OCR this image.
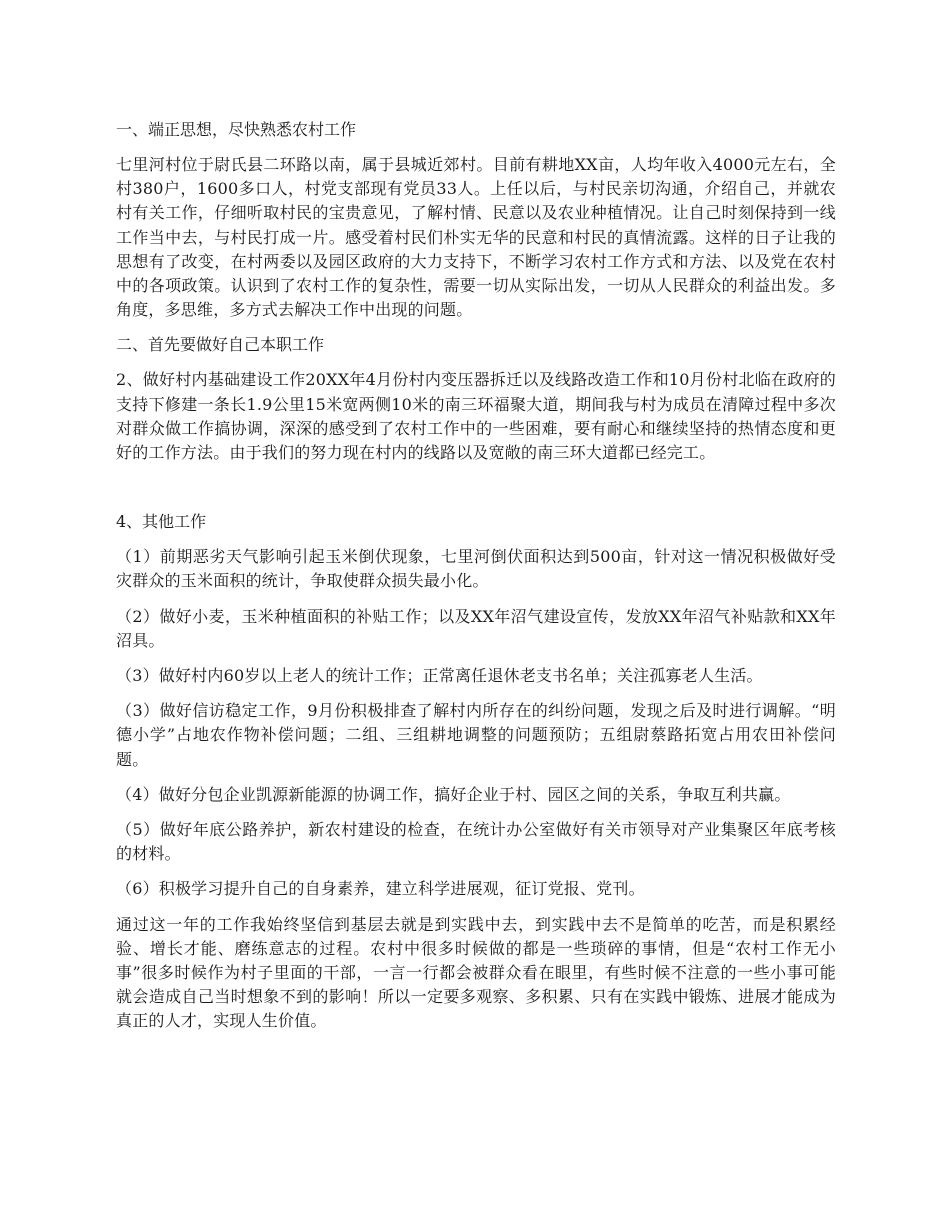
一、端正思想，尽快熟悉农村工作

七里河村位于尉氏县二环路以南，属于县城近郊村。目前有耕地XX亩，人均年收入4000元左右，全村380户，1600多口人，村党支部现有党员33人。上任以后，与村民亲切沟通，介绍自己，并就农村有关工作，仔细听取村民的宝贵意见，了解村情、民意以及农业种植情况。让自己时刻保持到一线工作当中去，与村民打成一片。感受着村民们朴实无华的民意和村民的真情流露。这样的日子让我的思想有了改变，在村两委以及园区政府的大力支持下，不断学习农村工作方式和方法、以及党在农村中的各项政策。认识到了农村工作的复杂性，需要一切从实际出发，一切从人民群众的利益出发。多角度，多思维，多方式去解决工作中出现的问题。

二、首先要做好自己本职工作

2、做好村内基础建设工作20XX年4月份村内变压器拆迁以及线路改造工作和10月份村北临在政府的支持下修建一条长1.9公里15米宽两侧10米的南三环福聚大道，期间我与村为成员在清障过程中多次对群众做工作搞协调，深深的感受到了农村工作中的一些困难，要有耐心和继续坚持的热情态度和更好的工作方法。由于我们的努力现在村内的线路以及宽敞的南三环大道都已经完工。

4、其他工作

（1）前期恶劣天气影响引起玉米倒伏现象，七里河倒伏面积达到500亩，针对这一情况积极做好受灾群众的玉米面积的统计，争取使群众损失最小化。

（2）做好小麦，玉米种植面积的补贴工作；以及XX年沼气建设宣传，发放XX年沼气补贴款和XX年沼具。

（3）做好村内60岁以上老人的统计工作；正常离任退休老支书名单；关注孤寡老人生活。

（3）做好信访稳定工作，9月份积极排查了解村内所存在的纠纷问题，发现之后及时进行调解。“明德小学”占地农作物补偿问题；二组、三组耕地调整的问题预防；五组尉蔡路拓宽占用农田补偿问题。

（4）做好分包企业凯源新能源的协调工作，搞好企业于村、园区之间的关系，争取互利共赢。

（5）做好年底公路养护，新农村建设的检查，在统计办公室做好有关市领导对产业集聚区年底考核的材料。

（6）积极学习提升自己的自身素养，建立科学进展观，征订党报、党刊。

通过这一年的工作我始终坚信到基层去就是到实践中去，到实践中去不是简单的吃苦，而是积累经验、增长才能、磨练意志的过程。农村中很多时候做的都是一些琐碎的事情，但是“农村工作无小事”很多时候作为村子里面的干部，一言一行都会被群众看在眼里，有些时候不注意的一些小事可能就会造成自己当时想象不到的影响！所以一定要多观察、多积累、只有在实践中锻炼、进展才能成为真正的人才，实现人生价值。
